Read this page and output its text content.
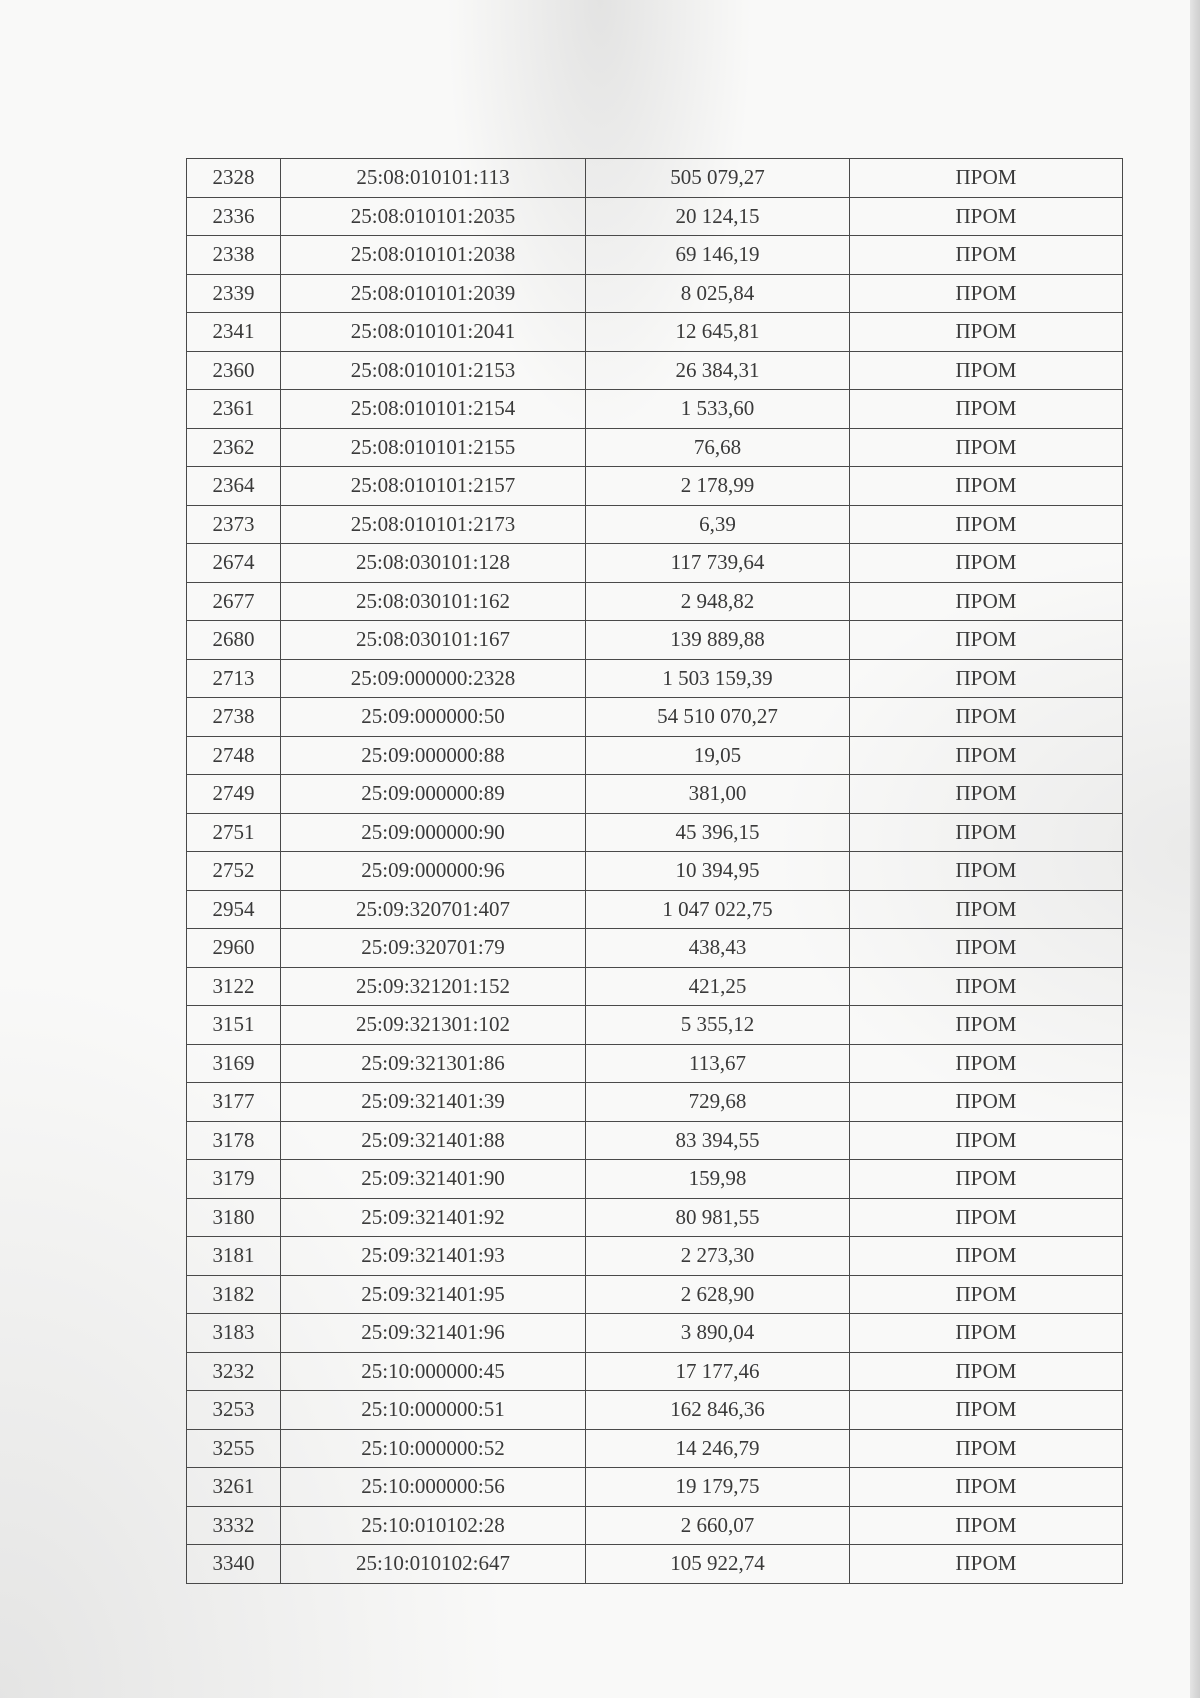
2328	25:08:010101:113	505 079,27	ПРОМ
2336	25:08:010101:2035	20 124,15	ПРОМ
2338	25:08:010101:2038	69 146,19	ПРОМ
2339	25:08:010101:2039	8 025,84	ПРОМ
2341	25:08:010101:2041	12 645,81	ПРОМ
2360	25:08:010101:2153	26 384,31	ПРОМ
2361	25:08:010101:2154	1 533,60	ПРОМ
2362	25:08:010101:2155	76,68	ПРОМ
2364	25:08:010101:2157	2 178,99	ПРОМ
2373	25:08:010101:2173	6,39	ПРОМ
2674	25:08:030101:128	117 739,64	ПРОМ
2677	25:08:030101:162	2 948,82	ПРОМ
2680	25:08:030101:167	139 889,88	ПРОМ
2713	25:09:000000:2328	1 503 159,39	ПРОМ
2738	25:09:000000:50	54 510 070,27	ПРОМ
2748	25:09:000000:88	19,05	ПРОМ
2749	25:09:000000:89	381,00	ПРОМ
2751	25:09:000000:90	45 396,15	ПРОМ
2752	25:09:000000:96	10 394,95	ПРОМ
2954	25:09:320701:407	1 047 022,75	ПРОМ
2960	25:09:320701:79	438,43	ПРОМ
3122	25:09:321201:152	421,25	ПРОМ
3151	25:09:321301:102	5 355,12	ПРОМ
3169	25:09:321301:86	113,67	ПРОМ
3177	25:09:321401:39	729,68	ПРОМ
3178	25:09:321401:88	83 394,55	ПРОМ
3179	25:09:321401:90	159,98	ПРОМ
3180	25:09:321401:92	80 981,55	ПРОМ
3181	25:09:321401:93	2 273,30	ПРОМ
3182	25:09:321401:95	2 628,90	ПРОМ
3183	25:09:321401:96	3 890,04	ПРОМ
3232	25:10:000000:45	17 177,46	ПРОМ
3253	25:10:000000:51	162 846,36	ПРОМ
3255	25:10:000000:52	14 246,79	ПРОМ
3261	25:10:000000:56	19 179,75	ПРОМ
3332	25:10:010102:28	2 660,07	ПРОМ
3340	25:10:010102:647	105 922,74	ПРОМ
